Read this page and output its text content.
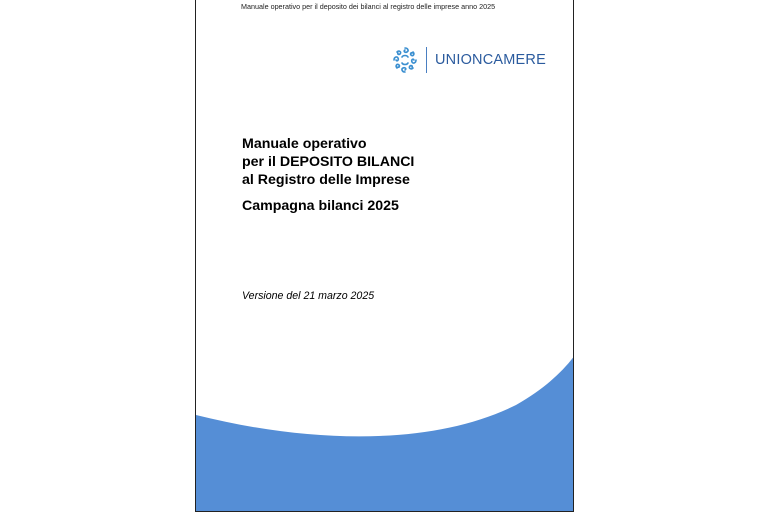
Manuale operativo per il deposito dei bilanci al registro delle imprese anno 2025
UNIONCAMERE
Manuale operativo
per il DEPOSITO BILANCI
al Registro delle Imprese
Campagna bilanci 2025
Versione del 21 marzo 2025
